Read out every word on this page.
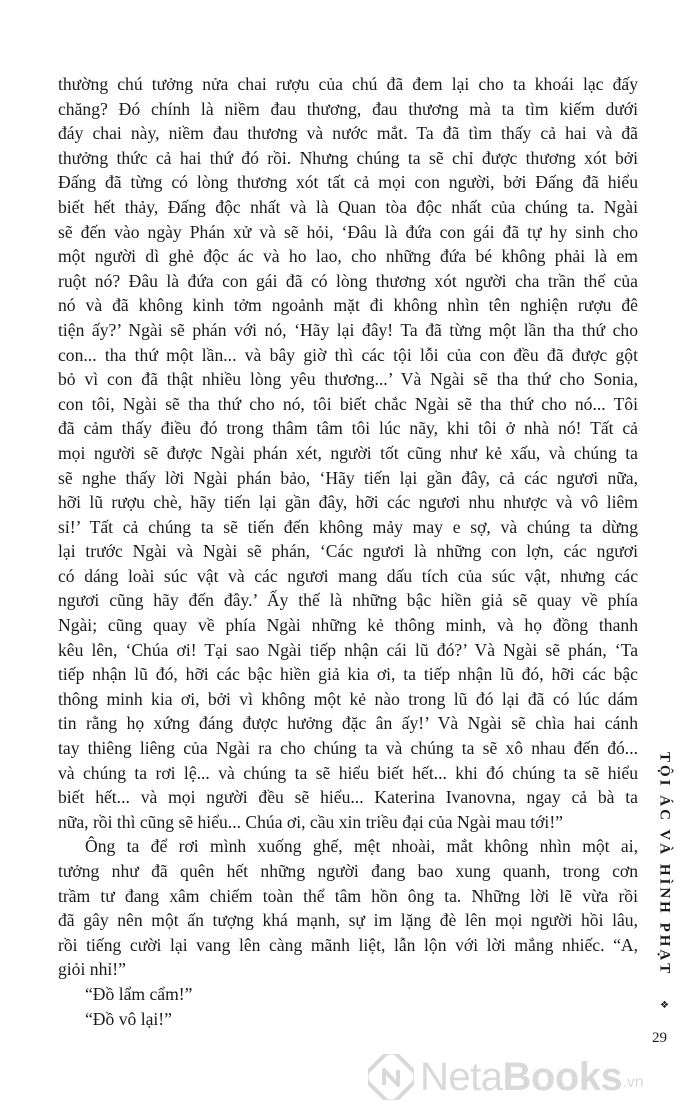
thường chú tưởng nửa chai rượu của chú đã đem lại cho ta khoái lạc đấy
chăng? Đó chính là niềm đau thương, đau thương mà ta tìm kiếm dưới
đáy chai này, niềm đau thương và nước mắt. Ta đã tìm thấy cả hai và đã
thưởng thức cả hai thứ đó rồi. Nhưng chúng ta sẽ chỉ được thương xót bởi
Đấng đã từng có lòng thương xót tất cả mọi con người, bởi Đấng đã hiểu
biết hết thảy, Đấng độc nhất và là Quan tòa độc nhất của chúng ta. Ngài
sẽ đến vào ngày Phán xử và sẽ hỏi, ‘Đâu là đứa con gái đã tự hy sinh cho
một người dì ghẻ độc ác và ho lao, cho những đứa bé không phải là em
ruột nó? Đâu là đứa con gái đã có lòng thương xót người cha trần thế của
nó và đã không kinh tởm ngoảnh mặt đi không nhìn tên nghiện rượu đê
tiện ấy?’ Ngài sẽ phán với nó, ‘Hãy lại đây! Ta đã từng một lần tha thứ cho
con... tha thứ một lần... và bây giờ thì các tội lỗi của con đều đã được gột
bỏ vì con đã thật nhiều lòng yêu thương...’ Và Ngài sẽ tha thứ cho Sonia,
con tôi, Ngài sẽ tha thứ cho nó, tôi biết chắc Ngài sẽ tha thứ cho nó... Tôi
đã cảm thấy điều đó trong thâm tâm tôi lúc nãy, khi tôi ở nhà nó! Tất cả
mọi người sẽ được Ngài phán xét, người tốt cũng như kẻ xấu, và chúng ta
sẽ nghe thấy lời Ngài phán bảo, ‘Hãy tiến lại gần đây, cả các ngươi nữa,
hỡi lũ rượu chè, hãy tiến lại gần đây, hỡi các ngươi nhu nhược và vô liêm
sỉ!’ Tất cả chúng ta sẽ tiến đến không mảy may e sợ, và chúng ta dừng
lại trước Ngài và Ngài sẽ phán, ‘Các ngươi là những con lợn, các ngươi
có dáng loài súc vật và các ngươi mang dấu tích của súc vật, nhưng các
ngươi cũng hãy đến đây.’ Ấy thế là những bậc hiền giả sẽ quay về phía
Ngài; cũng quay về phía Ngài những kẻ thông minh, và họ đồng thanh
kêu lên, ‘Chúa ơi! Tại sao Ngài tiếp nhận cái lũ đó?’ Và Ngài sẽ phán, ‘Ta
tiếp nhận lũ đó, hỡi các bậc hiền giả kia ơi, ta tiếp nhận lũ đó, hỡi các bậc
thông minh kia ơi, bởi vì không một kẻ nào trong lũ đó lại đã có lúc dám
tin rằng họ xứng đáng được hưởng đặc ân ấy!’ Và Ngài sẽ chìa hai cánh
tay thiêng liêng của Ngài ra cho chúng ta và chúng ta sẽ xô nhau đến đó...
và chúng ta rơi lệ... và chúng ta sẽ hiểu biết hết... khi đó chúng ta sẽ hiểu
biết hết... và mọi người đều sẽ hiểu... Katerina Ivanovna, ngay cả bà ta
nữa, rồi thì cũng sẽ hiểu... Chúa ơi, cầu xin triều đại của Ngài mau tới!”
Ông ta để rơi mình xuống ghế, mệt nhoài, mắt không nhìn một ai,
tưởng như đã quên hết những người đang bao xung quanh, trong cơn
trầm tư đang xâm chiếm toàn thể tâm hồn ông ta. Những lời lẽ vừa rồi
đã gây nên một ấn tượng khá mạnh, sự im lặng đè lên mọi người hồi lâu,
rồi tiếng cười lại vang lên càng mãnh liệt, lẫn lộn với lời mắng nhiếc. “A,
giỏi nhỉ!”
“Đồ lẩm cẩm!”
“Đồ vô lại!”
TỘI ÁC VÀ HÌNH PHẠT
❖
29
NetaBooks .vn
